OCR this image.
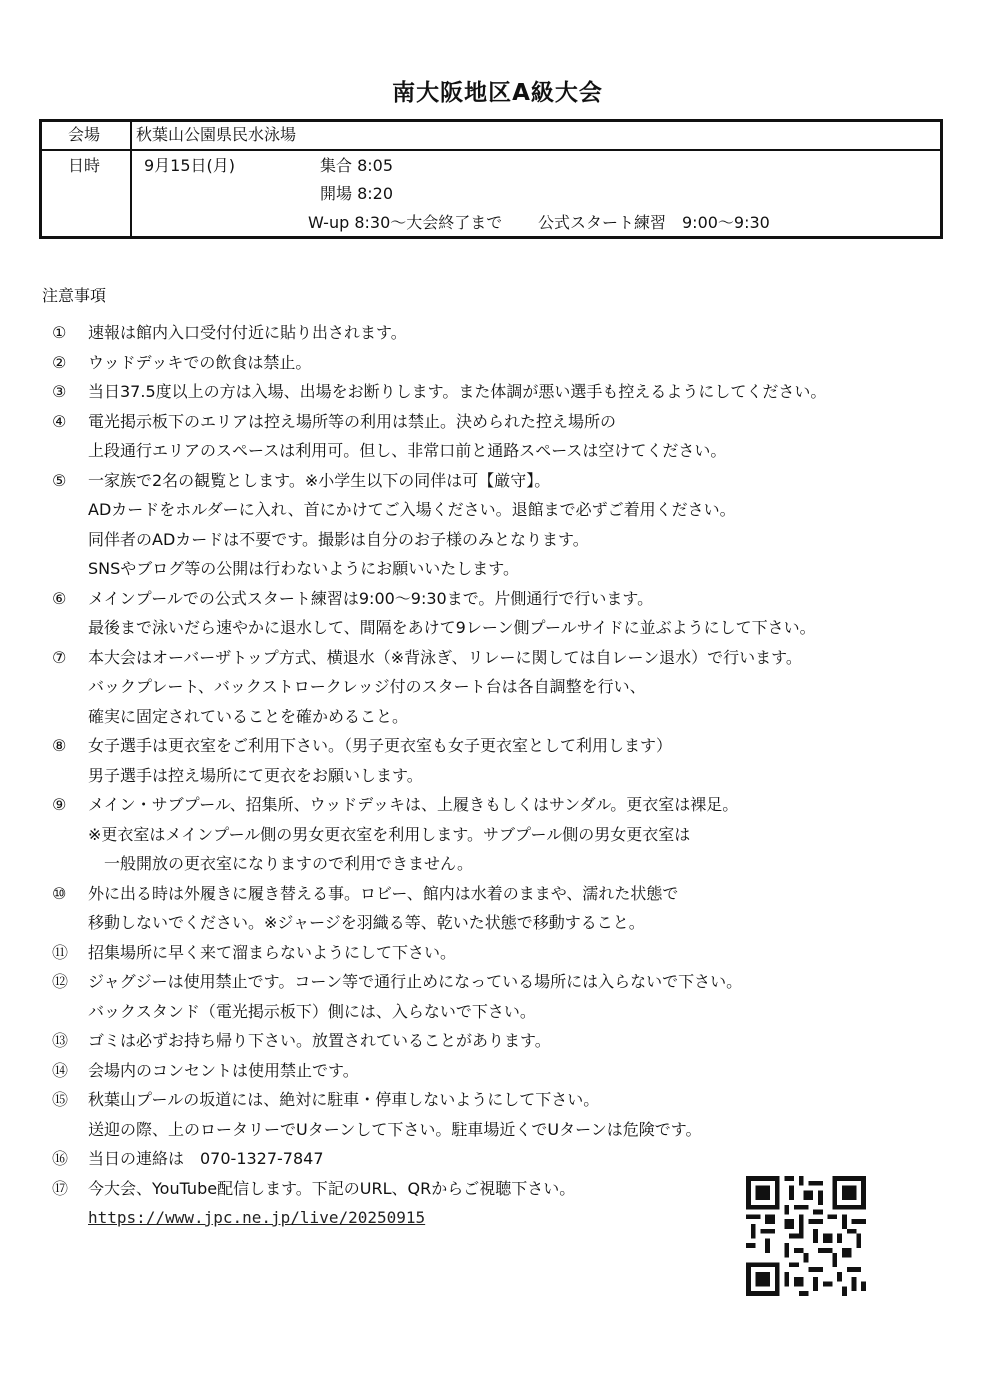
南大阪地区A級大会
会場 秋葉山公園県民水泳場
日時	9月15日(月)	集合 8:05
開場 8:20
W-up 8:30〜大会終了まで 公式スタート練習　9:00〜9:30
注意事項
① 速報は館内入口受付付近に貼り出されます。
② ウッドデッキでの飲食は禁止。
③ 当日37.5度以上の方は入場、出場をお断りします。また体調が悪い選手も控えるようにしてください。
④ 電光掲示板下のエリアは控え場所等の利用は禁止。決められた控え場所の
上段通行エリアのスペースは利用可。但し、非常口前と通路スペースは空けてください。
⑤ 一家族で2名の観覧とします。※小学生以下の同伴は可【厳守】。
ADカードをホルダーに入れ、首にかけてご入場ください。退館まで必ずご着用ください。
同伴者のADカードは不要です。撮影は自分のお子様のみとなります。
SNSやブログ等の公開は行わないようにお願いいたします。
⑥ メインプールでの公式スタート練習は9:00〜9:30まで。片側通行で行います。
最後まで泳いだら速やかに退水して、間隔をあけて9レーン側プールサイドに並ぶようにして下さい。
⑦ 本大会はオーバーザトップ方式、横退水（※背泳ぎ、リレーに関しては自レーン退水）で行います。
バックプレート、バックストロークレッジ付のスタート台は各自調整を行い、
確実に固定されていることを確かめること。
⑧ 女子選手は更衣室をご利用下さい。（男子更衣室も女子更衣室として利用します）
男子選手は控え場所にて更衣をお願いします。
⑨ メイン・サブプール、招集所、ウッドデッキは、上履きもしくはサンダル。更衣室は裸足。
※更衣室はメインプール側の男女更衣室を利用します。サブプール側の男女更衣室は
一般開放の更衣室になりますので利用できません。
⑩ 外に出る時は外履きに履き替える事。ロビー、館内は水着のままや、濡れた状態で
移動しないでください。※ジャージを羽織る等、乾いた状態で移動すること。
⑪ 招集場所に早く来て溜まらないようにして下さい。
⑫ ジャグジーは使用禁止です。コーン等で通行止めになっている場所には入らないで下さい。
バックスタンド（電光掲示板下）側には、入らないで下さい。
⑬ ゴミは必ずお持ち帰り下さい。放置されていることがあります。
⑭ 会場内のコンセントは使用禁止です。
⑮ 秋葉山プールの坂道には、絶対に駐車・停車しないようにして下さい。
送迎の際、上のロータリーでUターンして下さい。駐車場近くでUターンは危険です。
⑯ 当日の連絡は　070-1327-7847
⑰ 今大会、YouTube配信します。下記のURL、QRからご視聴下さい。
https://www.jpc.ne.jp/live/20250915
